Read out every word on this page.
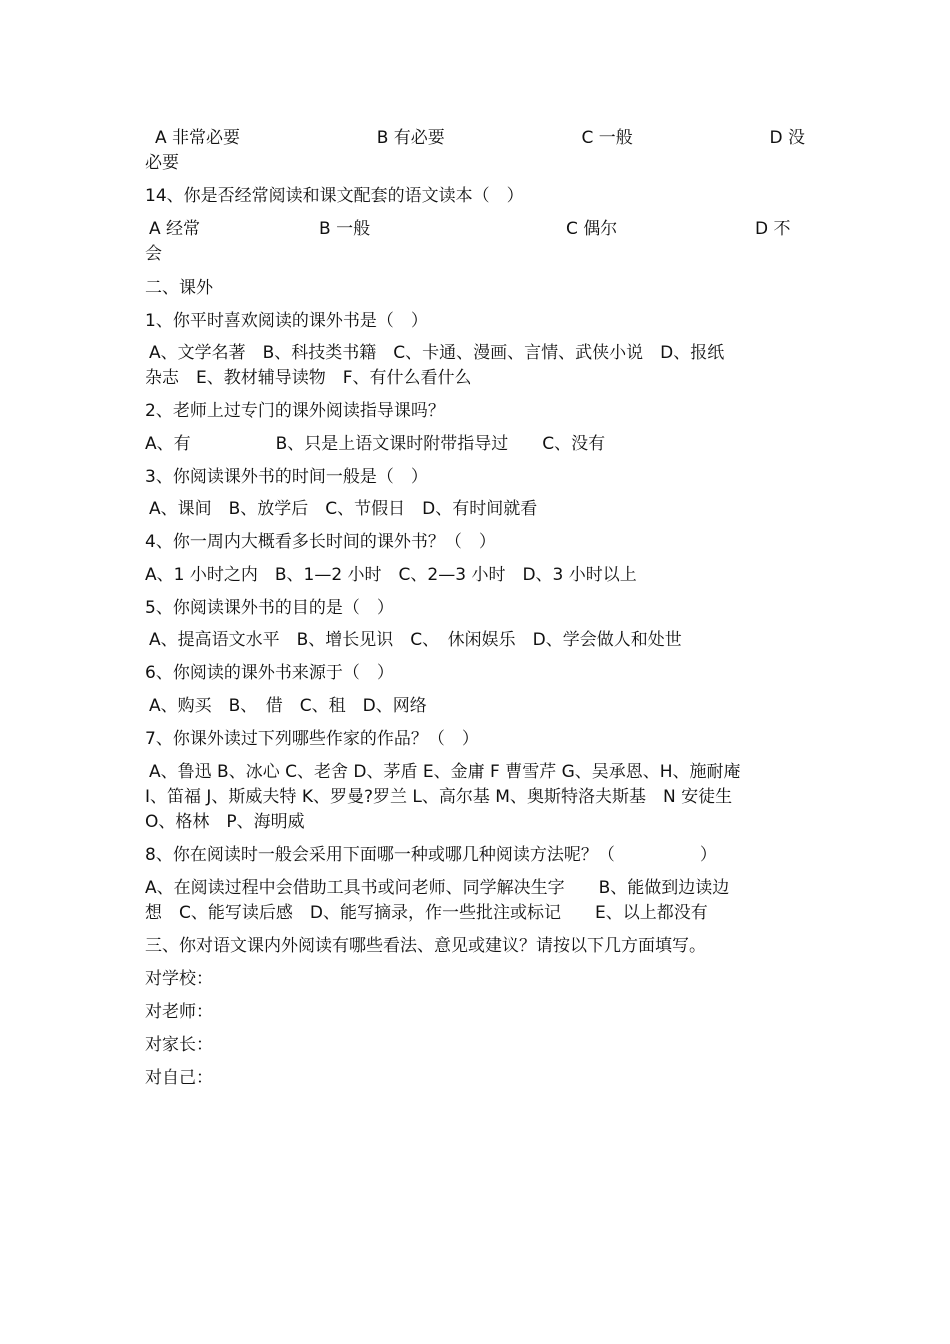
A 非常必要	B 有必要	C 一般	D 没
必要
14、你是否经常阅读和课文配套的语文读本（　）
A 经常	B 一般	C 偶尔	D 不
会
二、课外
1、你平时喜欢阅读的课外书是（　）
A、文学名著　B、科技类书籍　C、卡通、漫画、言情、武侠小说　D、报纸
杂志　E、教材辅导读物　F、有什么看什么
2、老师上过专门的课外阅读指导课吗？
A、有　　　　　B、只是上语文课时附带指导过　　C、没有
3、你阅读课外书的时间一般是（　）
A、课间　B、放学后　C、节假日　D、有时间就看
4、你一周内大概看多长时间的课外书？（　）
A、1 小时之内　B、1—2 小时　C、2—3 小时　D、3 小时以上
5、你阅读课外书的目的是（　）
A、提高语文水平　B、增长见识　C、　休闲娱乐　D、学会做人和处世
6、你阅读的课外书来源于（　）
A、购买　B、　借　C、租　D、网络
7、你课外读过下列哪些作家的作品？（　）
A、鲁迅 B、冰心 C、老舍 D、茅盾 E、金庸 F 曹雪芹 G、吴承恩、H、施耐庵
I、笛福 J、斯威夫特 K、罗曼?罗兰 L、高尔基 M、奥斯特洛夫斯基　N 安徒生
O、格林　P、海明威
8、你在阅读时一般会采用下面哪一种或哪几种阅读方法呢？（　　　　　）
A、在阅读过程中会借助工具书或问老师、同学解决生字　　B、能做到边读边
想　C、能写读后感　D、能写摘录，作一些批注或标记　　E、以上都没有
三、你对语文课内外阅读有哪些看法、意见或建议？请按以下几方面填写。
对学校：
对老师：
对家长：
对自己：
